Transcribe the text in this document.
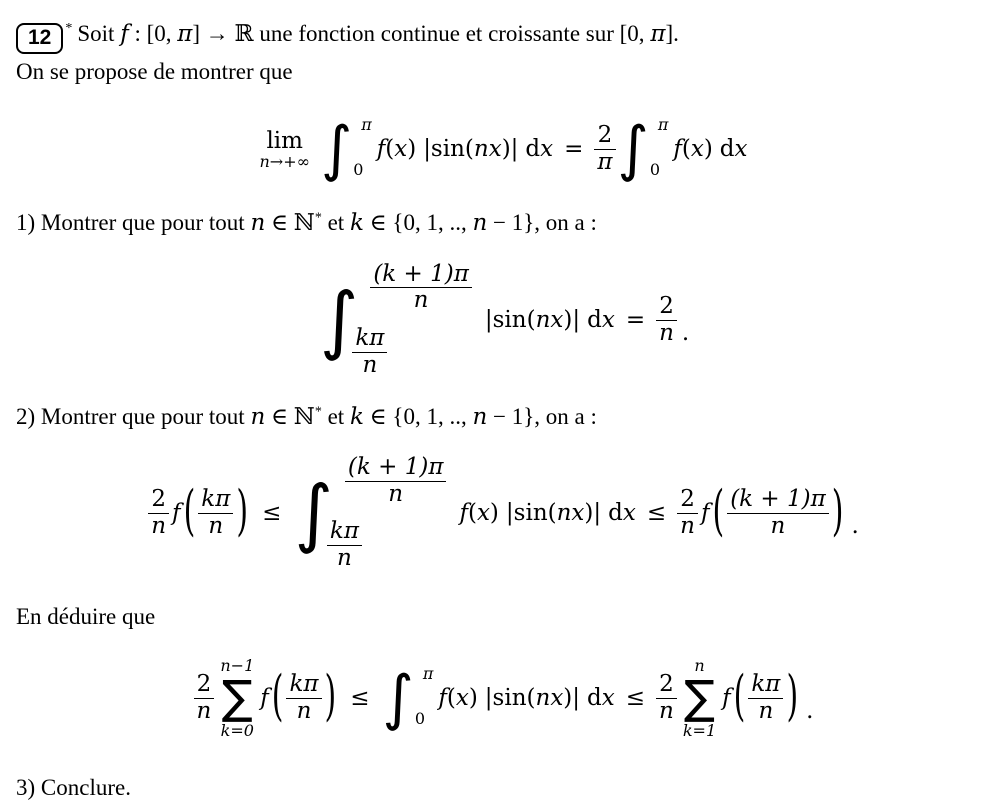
12 * Soit f : [0, π] → ℝ une fonction continue et croissante sur [0, π].

On se propose de montrer que

lim
n→+∞ ∫ π
0
f ( x ) |sin( nx )| d $x = \frac{2}{\pi}$ ∫ π
0
f ( x ) d x

1) Montrer que pour tout n ∈ ℕ* et k ∈ {0, 1, .., n − 1}, on a :

∫ $\frac{(k + 1)\pi}{n}$
$\frac{k\pi}{n}$
|sin( nx )| d $x = \frac{2}{n}$ .

2) Montrer que pour tout n ∈ ℕ* et k ∈ {0, 1, .., n − 1}, on a :

$\frac{2}{n}$ f ( $\frac{k\pi}{n}$ ) ≤ ∫ $\frac{(k + 1)\pi}{n}$
$\frac{k\pi}{n}$
f ( x ) |sin( nx )| d $x \le \frac{2}{n}$ f ( $\frac{(k + 1)\pi}{n}$ ) .

En déduire que

$\frac{2}{n}$
n−1
∑
k=0
f ( $\frac{k\pi}{n}$ ) ≤ ∫ π
0
f ( x ) |sin( nx )| d $x \le \frac{2}{n}$
n
∑
k=1
f ( $\frac{k\pi}{n}$ ) .

3) Conclure.
